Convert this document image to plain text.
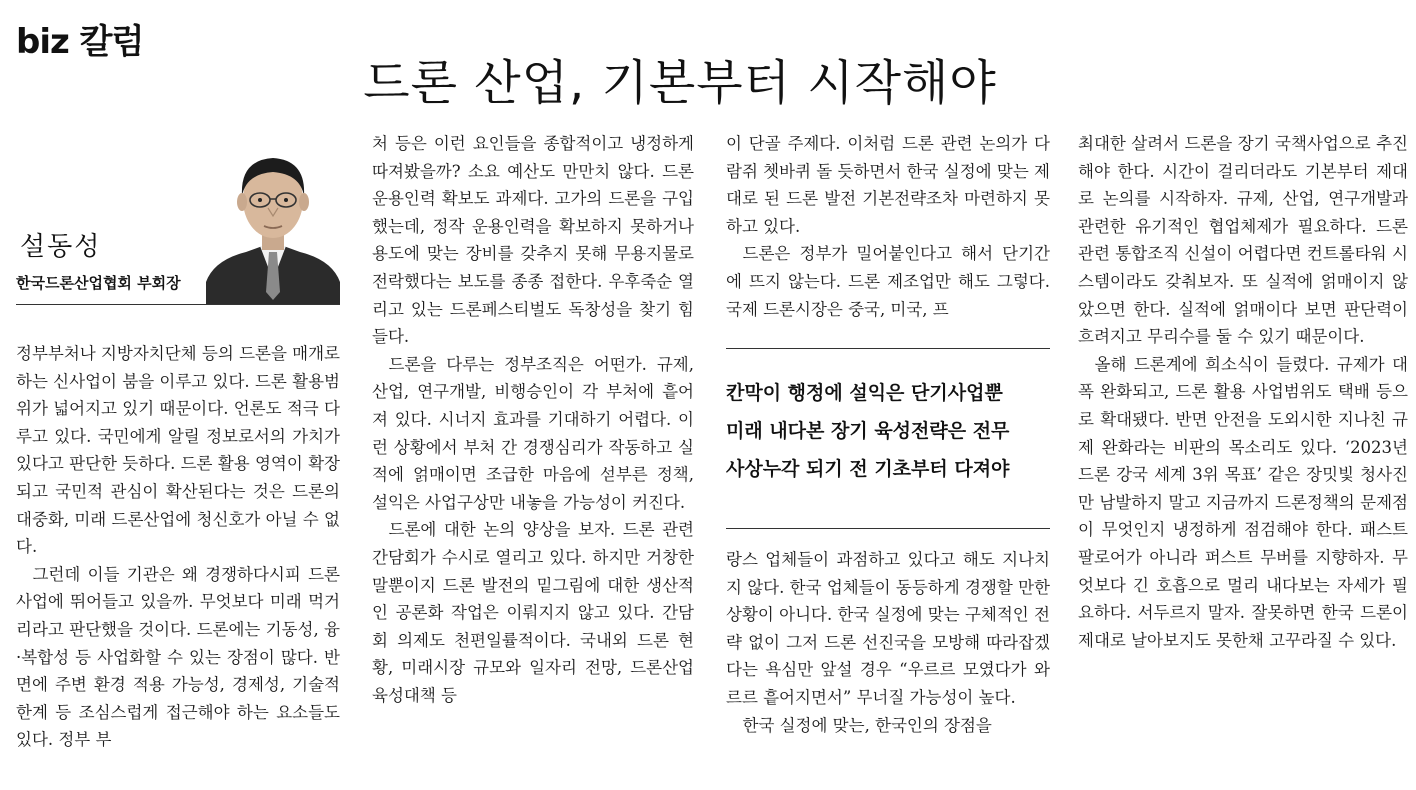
biz 칼럼
드론 산업, 기본부터 시작해야
설동성
한국드론산업협회 부회장

정부부처나 지방자치단체 등의 드론을 매개로 하는 신사업이 붐을 이루고 있다. 드론 활용범위가 넓어지고 있기 때문이다. 언론도 적극 다루고 있다. 국민에게 알릴 정보로서의 가치가 있다고 판단한 듯하다. 드론 활용 영역이 확장되고 국민적 관심이 확산된다는 것은 드론의 대중화, 미래 드론산업에 청신호가 아닐 수 없다.

그런데 이들 기관은 왜 경쟁하다시피 드론 사업에 뛰어들고 있을까. 무엇보다 미래 먹거리라고 판단했을 것이다. 드론에는 기동성, 융·복합성 등 사업화할 수 있는 장점이 많다. 반면에 주변 환경 적용 가능성, 경제성, 기술적 한계 등 조심스럽게 접근해야 하는 요소들도 있다. 정부 부

처 등은 이런 요인들을 종합적이고 냉정하게 따져봤을까? 소요 예산도 만만치 않다. 드론 운용인력 확보도 과제다. 고가의 드론을 구입했는데, 정작 운용인력을 확보하지 못하거나 용도에 맞는 장비를 갖추지 못해 무용지물로 전락했다는 보도를 종종 접한다. 우후죽순 열리고 있는 드론페스티벌도 독창성을 찾기 힘들다.

드론을 다루는 정부조직은 어떤가. 규제, 산업, 연구개발, 비행승인이 각 부처에 흩어져 있다. 시너지 효과를 기대하기 어렵다. 이런 상황에서 부처 간 경쟁심리가 작동하고 실적에 얽매이면 조급한 마음에 섣부른 정책, 설익은 사업구상만 내놓을 가능성이 커진다.

드론에 대한 논의 양상을 보자. 드론 관련 간담회가 수시로 열리고 있다. 하지만 거창한 말뿐이지 드론 발전의 밑그림에 대한 생산적인 공론화 작업은 이뤄지지 않고 있다. 간담회 의제도 천편일률적이다. 국내외 드론 현황, 미래시장 규모와 일자리 전망, 드론산업 육성대책 등

이 단골 주제다. 이처럼 드론 관련 논의가 다람쥐 쳇바퀴 돌 듯하면서 한국 실정에 맞는 제대로 된 드론 발전 기본전략조차 마련하지 못하고 있다.

드론은 정부가 밀어붙인다고 해서 단기간에 뜨지 않는다. 드론 제조업만 해도 그렇다. 국제 드론시장은 중국, 미국, 프

칸막이 행정에 설익은 단기사업뿐
미래 내다본 장기 육성전략은 전무
사상누각 되기 전 기초부터 다져야

랑스 업체들이 과점하고 있다고 해도 지나치지 않다. 한국 업체들이 동등하게 경쟁할 만한 상황이 아니다. 한국 실정에 맞는 구체적인 전략 없이 그저 드론 선진국을 모방해 따라잡겠다는 욕심만 앞설 경우 “우르르 모였다가 와르르 흩어지면서” 무너질 가능성이 높다.

한국 실정에 맞는, 한국인의 장점을

최대한 살려서 드론을 장기 국책사업으로 추진해야 한다. 시간이 걸리더라도 기본부터 제대로 논의를 시작하자. 규제, 산업, 연구개발과 관련한 유기적인 협업체제가 필요하다. 드론 관련 통합조직 신설이 어렵다면 컨트롤타워 시스템이라도 갖춰보자. 또 실적에 얽매이지 않았으면 한다. 실적에 얽매이다 보면 판단력이 흐려지고 무리수를 둘 수 있기 때문이다.

올해 드론계에 희소식이 들렸다. 규제가 대폭 완화되고, 드론 활용 사업범위도 택배 등으로 확대됐다. 반면 안전을 도외시한 지나친 규제 완화라는 비판의 목소리도 있다. ‘2023년 드론 강국 세계 3위 목표’ 같은 장밋빛 청사진만 남발하지 말고 지금까지 드론정책의 문제점이 무엇인지 냉정하게 점검해야 한다. 패스트 팔로어가 아니라 퍼스트 무버를 지향하자. 무엇보다 긴 호흡으로 멀리 내다보는 자세가 필요하다. 서두르지 말자. 잘못하면 한국 드론이 제대로 날아보지도 못한채 고꾸라질 수 있다.
